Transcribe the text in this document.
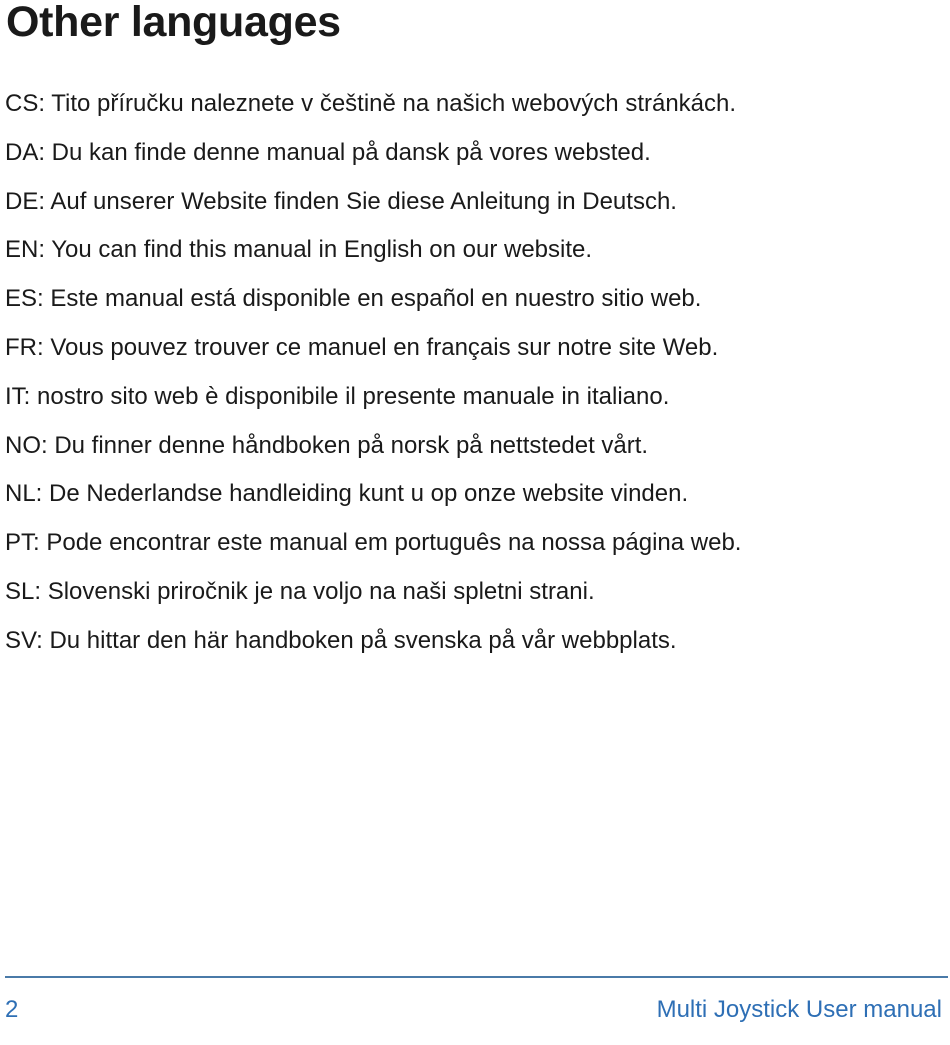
Other languages
CS: Tito příručku naleznete v češtině na našich webových stránkách.
DA: Du kan finde denne manual på dansk på vores websted.
DE: Auf unserer Website finden Sie diese Anleitung in Deutsch.
EN: You can find this manual in English on our website.
ES: Este manual está disponible en español en nuestro sitio web.
FR: Vous pouvez trouver ce manuel en français sur notre site Web.
IT: nostro sito web è disponibile il presente manuale in italiano.
NO: Du finner denne håndboken på norsk på nettstedet vårt.
NL: De Nederlandse handleiding kunt u op onze website vinden.
PT: Pode encontrar este manual em português na nossa página web.
SL: Slovenski priročnik je na voljo na naši spletni strani.
SV: Du hittar den här handboken på svenska på vår webbplats.
2	Multi Joystick User manual
